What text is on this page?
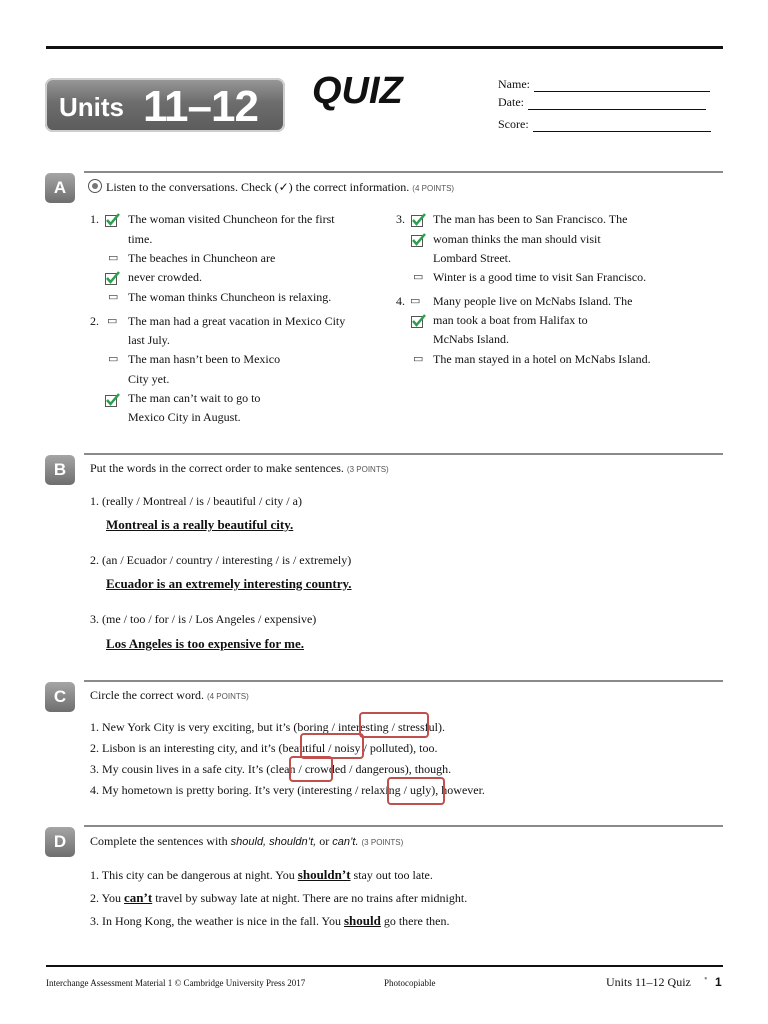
Units 11–12 QUIZ	Name:
Date:
Score:
A	Listen to the conversations. Check (✓) the correct information. (4 POINTS)
1. The woman visited Chuncheon for the first
time.
▭ The beaches in Chuncheon are
never crowded.
▭ The woman thinks Chuncheon is relaxing.
2. ▭ The man had a great vacation in Mexico City
last July.
▭ The man hasn’t been to Mexico
City yet.
The man can’t wait to go to
Mexico City in August.
3. The man has been to San Francisco. The
woman thinks the man should visit
Lombard Street.
▭ Winter is a good time to visit San Francisco.
4. ▭ Many people live on McNabs Island. The
man took a boat from Halifax to
McNabs Island.
▭ The man stayed in a hotel on McNabs Island.
B	Put the words in the correct order to make sentences. (3 POINTS)
1. (really / Montreal / is / beautiful / city / a)
Montreal is a really beautiful city.
2. (an / Ecuador / country / interesting / is / extremely)
Ecuador is an extremely interesting country.
3. (me / too / for / is / Los Angeles / expensive)
Los Angeles is too expensive for me.
C	Circle the correct word. (4 POINTS)
1. New York City is very exciting, but it’s (boring / interesting / stressful).
2. Lisbon is an interesting city, and it’s (beautiful / noisy / polluted), too.
3. My cousin lives in a safe city. It’s (clean / crowded / dangerous), though.
4. My hometown is pretty boring. It’s very (interesting / relaxing / ugly), however.
D	Complete the sentences with should, shouldn’t, or can’t. (3 POINTS)
1. This city can be dangerous at night. You shouldn’t stay out too late.
2. You can’t travel by subway late at night. There are no trains after midnight.
3. In Hong Kong, the weather is nice in the fall. You should go there then.
Interchange Assessment Material 1 © Cambridge University Press 2017	Photocopiable	Units 11–12 Quiz • 1
